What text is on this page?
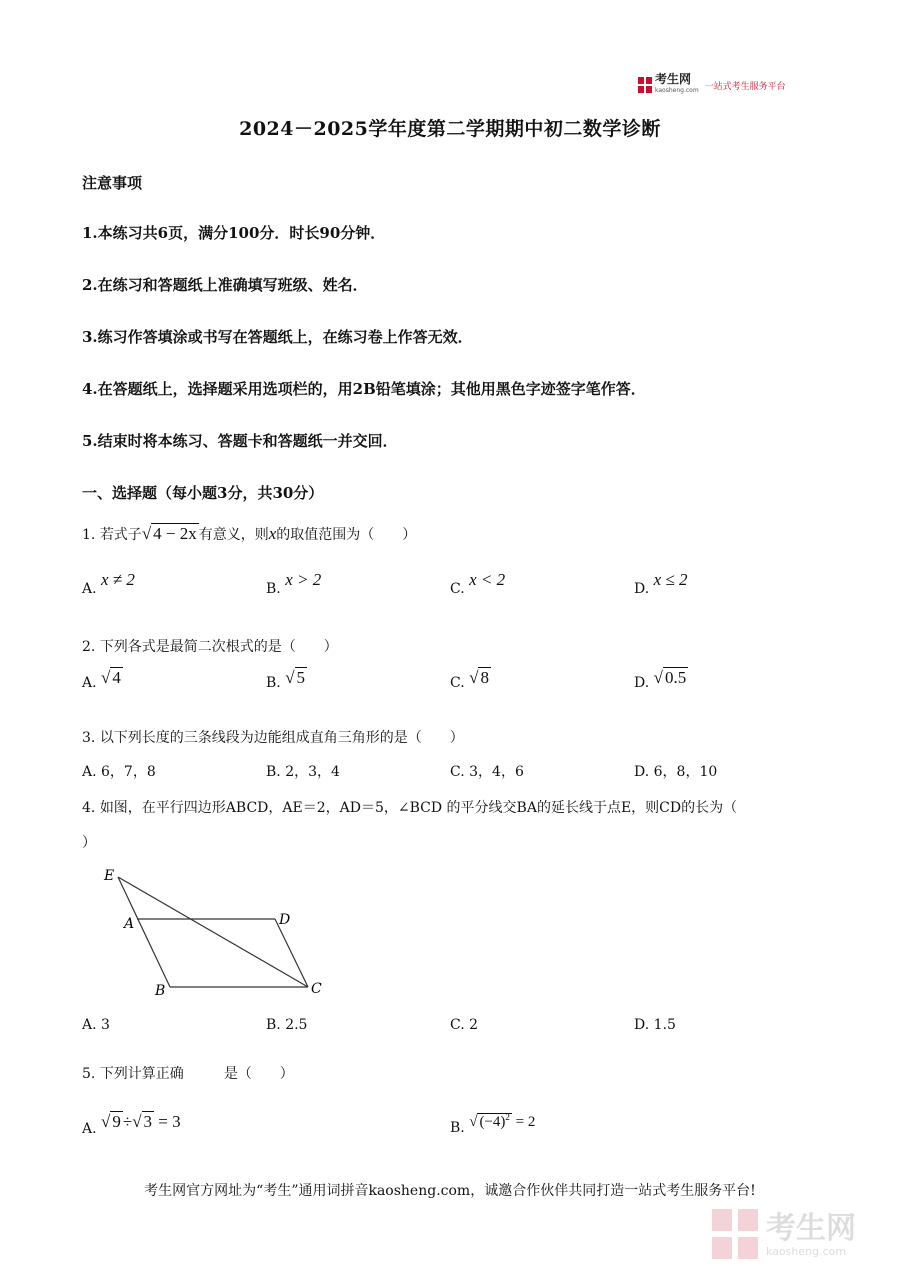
考生网
kaosheng.com 一站式考生服务平台
2024－2025学年度第二学期期中初二数学诊断
注意事项
1.本练习共6页，满分100分．时长90分钟．
2.在练习和答题纸上准确填写班级、姓名．
3.练习作答填涂或书写在答题纸上，在练习卷上作答无效．
4.在答题纸上，选择题采用选项栏的，用2B铅笔填涂；其他用黑色字迹签字笔作答．
5.结束时将本练习、答题卡和答题纸一并交回．
一、选择题（每小题3分，共30分）
1. 若式子√ 4 − 2x 有意义，则x的取值范围为（　　）
A. x ≠ 2	B. x > 2	C. x < 2	D. x ≤ 2
2. 下列各式是最简二次根式的是（　　）
A. √ 4	B. √ 5	C. √ 8	D. √ 0.5
3. 以下列长度的三条线段为边能组成直角三角形的是（　　）
A. 6，7，8	B. 2，3，4	C. 3，4，6	D. 6，8，10
4. 如图，在平行四边形ABCD，AE＝2，AD＝5，∠BCD 的平分线交BA的延长线于点E，则CD的长为（
）
E
A	D
B	C
A. 3	B. 2.5	C. 2	D. 1.5
5. 下列计算正确	是（　　）
A. √ 9 ÷√ 3 = 3	B. √ $(-4)^2 = 2$
考生网官方网址为“考生”通用词拼音kaosheng.com，诚邀合作伙伴共同打造一站式考生服务平台!
考生网
kaosheng.com
